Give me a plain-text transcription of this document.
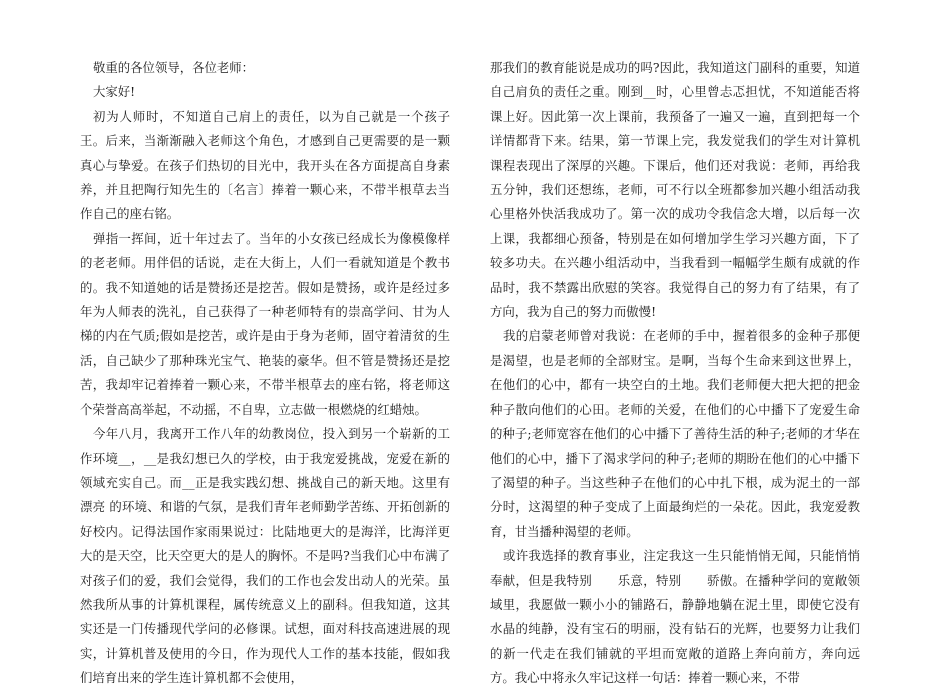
敬重的各位领导，各位老师：

大家好!

初为人师时，不知道自己肩上的责任，以为自己就是一个孩子王。后来，当渐渐融入老师这个角色，才感到自己更需要的是一颗真心与挚爱。在孩子们热切的目光中，我开头在各方面提高自身素养，并且把陶行知先生的〔名言〕捧着一颗心来，不带半根草去当作自己的座右铭。

弹指一挥间，近十年过去了。当年的小女孩已经成长为像模像样的老老师。用伴侣的话说，走在大街上，人们一看就知道是个教书的。我不知道她的话是赞扬还是挖苦。假如是赞扬，或许是经过多年为人师表的洗礼，自己获得了一种老师特有的崇高学问、甘为人梯的内在气质;假如是挖苦，或许是由于身为老师，固守着清贫的生活，自己缺少了那种珠光宝气、艳装的豪华。但不管是赞扬还是挖苦，我却牢记着捧着一颗心来，不带半根草去的座右铭，将老师这个荣誉高高举起，不动摇，不自卑，立志做一根燃烧的红蜡烛。

今年八月，我离开工作八年的幼教岗位，投入到另一个崭新的工作环境__，__是我幻想已久的学校，由于我宠爱挑战，宠爱在新的领域充实自己。而__正是我实践幻想、挑战自己的新天地。这里有漂亮 的环境、和谐的气氛，是我们青年老师勤学苦练、开拓创新的好校内。记得法国作家雨果说过：比陆地更大的是海洋，比海洋更大的是天空，比天空更大的是人的胸怀。不是吗?当我们心中布满了对孩子们的爱，我们会觉得，我们的工作也会发出动人的光荣。虽然我所从事的计算机课程，属传统意义上的副科。但我知道，这其实还是一门传播现代学问的必修课。试想，面对科技高速进展的现实，计算机普及使用的今日，作为现代人工作的基本技能，假如我们培育出来的学生连计算机都不会使用，

那我们的教育能说是成功的吗?因此，我知道这门副科的重要，知道自己肩负的责任之重。刚到__时，心里曾忐忑担忧，不知道能否将课上好。因此第一次上课前，我预备了一遍又一遍，直到把每一个详情都背下来。结果，第一节课上完，我发觉我们的学生对计算机课程表现出了深厚的兴趣。下课后，他们还对我说：老师，再给我五分钟，我们还想练，老师，可不行以全班都参加兴趣小组活动我心里格外快活我成功了。第一次的成功令我信念大增，以后每一次上课，我都细心预备，特别是在如何增加学生学习兴趣方面，下了较多功夫。在兴趣小组活动中，当我看到一幅幅学生颇有成就的作品时，我不禁露出欣慰的笑容。我觉得自己的努力有了结果，有了方向，我为自己的努力而傲慢!

我的启蒙老师曾对我说：在老师的手中，握着很多的金种子那便是渴望，也是老师的全部财宝。是啊，当每个生命来到这世界上，在他们的心中，都有一块空白的土地。我们老师便大把大把的把金种子散向他们的心田。老师的关爱，在他们的心中播下了宠爱生命的种子;老师宽容在他们的心中播下了善待生活的种子;老师的才华在他们的心中，播下了渴求学问的种子;老师的期盼在他们的心中播下了渴望的种子。当这些种子在他们的心中扎下根，成为泥土的一部分时，这渴望的种子变成了上面最绚烂的一朵花。因此，我宠爱教育，甘当播种渴望的老师。

或许我选择的教育事业，注定我这一生只能悄悄无闻，只能悄悄奉献，但是我特别　　乐意，特别　　骄傲。在播种学问的宽敞领域里，我愿做一颗小小的铺路石，静静地躺在泥土里，即使它没有水晶的纯静，没有宝石的明丽，没有钻石的光辉，也要努力让我们的新一代走在我们铺就的平坦而宽敞的道路上奔向前方，奔向远方。我心中将永久牢记这样一句话：捧着一颗心来，不带
